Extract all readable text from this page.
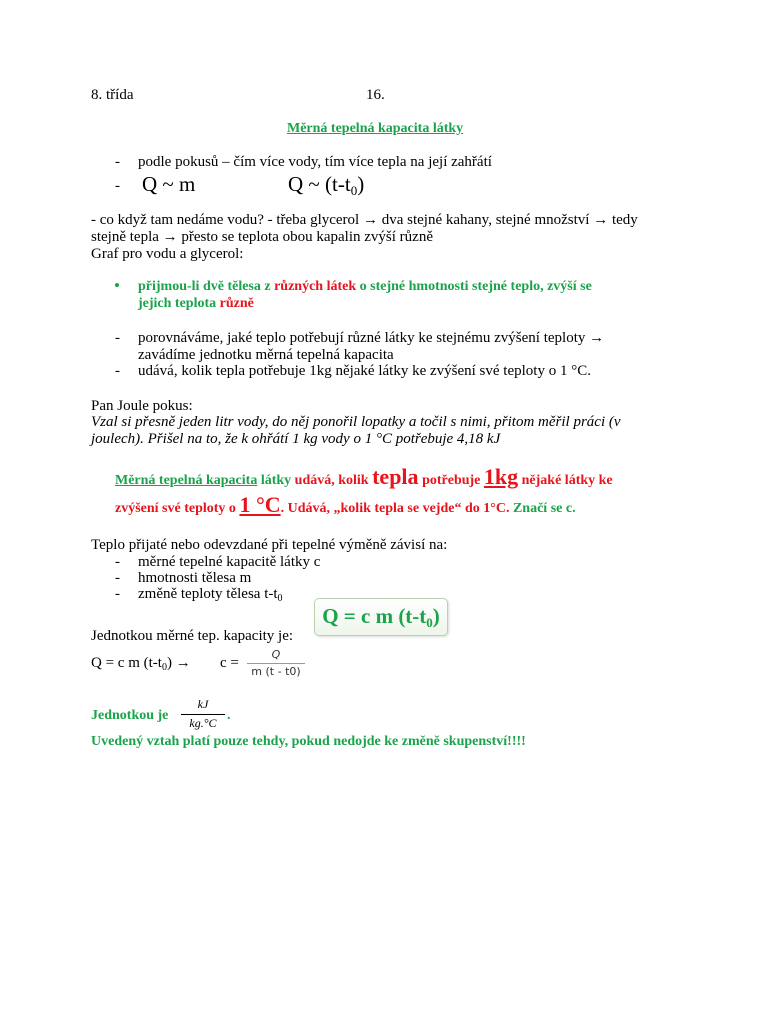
8. třída	16.
Měrná tepelná kapacita látky
- podle pokusů – čím více vody, tím více tepla na její zahřátí
- Q ~ m	Q ~ (t-t0)
- co když tam nedáme vodu? - třeba glycerol → dva stejné kahany, stejné množství → tedy
stejně tepla → přesto se teplota obou kapalin zvýší různě
Graf pro vodu a glycerol:
• přijmou-li dvě tělesa z různých látek o stejné hmotnosti stejné teplo, zvýší se
jejich teplota různě
- porovnáváme, jaké teplo potřebují různé látky ke stejnému zvýšení teploty →
zavádíme jednotku měrná tepelná kapacita
- udává, kolik tepla potřebuje 1kg nějaké látky ke zvýšení své teploty o 1 °C.
Pan Joule pokus:
Vzal si přesně jeden litr vody, do něj ponořil lopatky a točil s nimi, přitom měřil práci (v
joulech). Přišel na to, že k ohřátí 1 kg vody o 1 °C potřebuje 4,18 kJ
Měrná tepelná kapacita látky udává, kolik tepla potřebuje 1kg nějaké látky ke
zvýšení své teploty o 1 °C. Udává, „kolik tepla se vejde“ do 1°C. Značí se c.
Teplo přijaté nebo odevzdané při tepelné výměně závisí na:
- měrné tepelné kapacitě látky c
- hmotnosti tělesa m
- změně teploty tělesa $t-t_0$
Q = c m (t-t0)
Jednotkou měrné tep. kapacity je:
Q = c m $(t-t_0) \to c$ =
Q
m (t - t0)
Jednotkou je
kJ
kg.°C .
Uvedený vztah platí pouze tehdy, pokud nedojde ke změně skupenství!!!!
